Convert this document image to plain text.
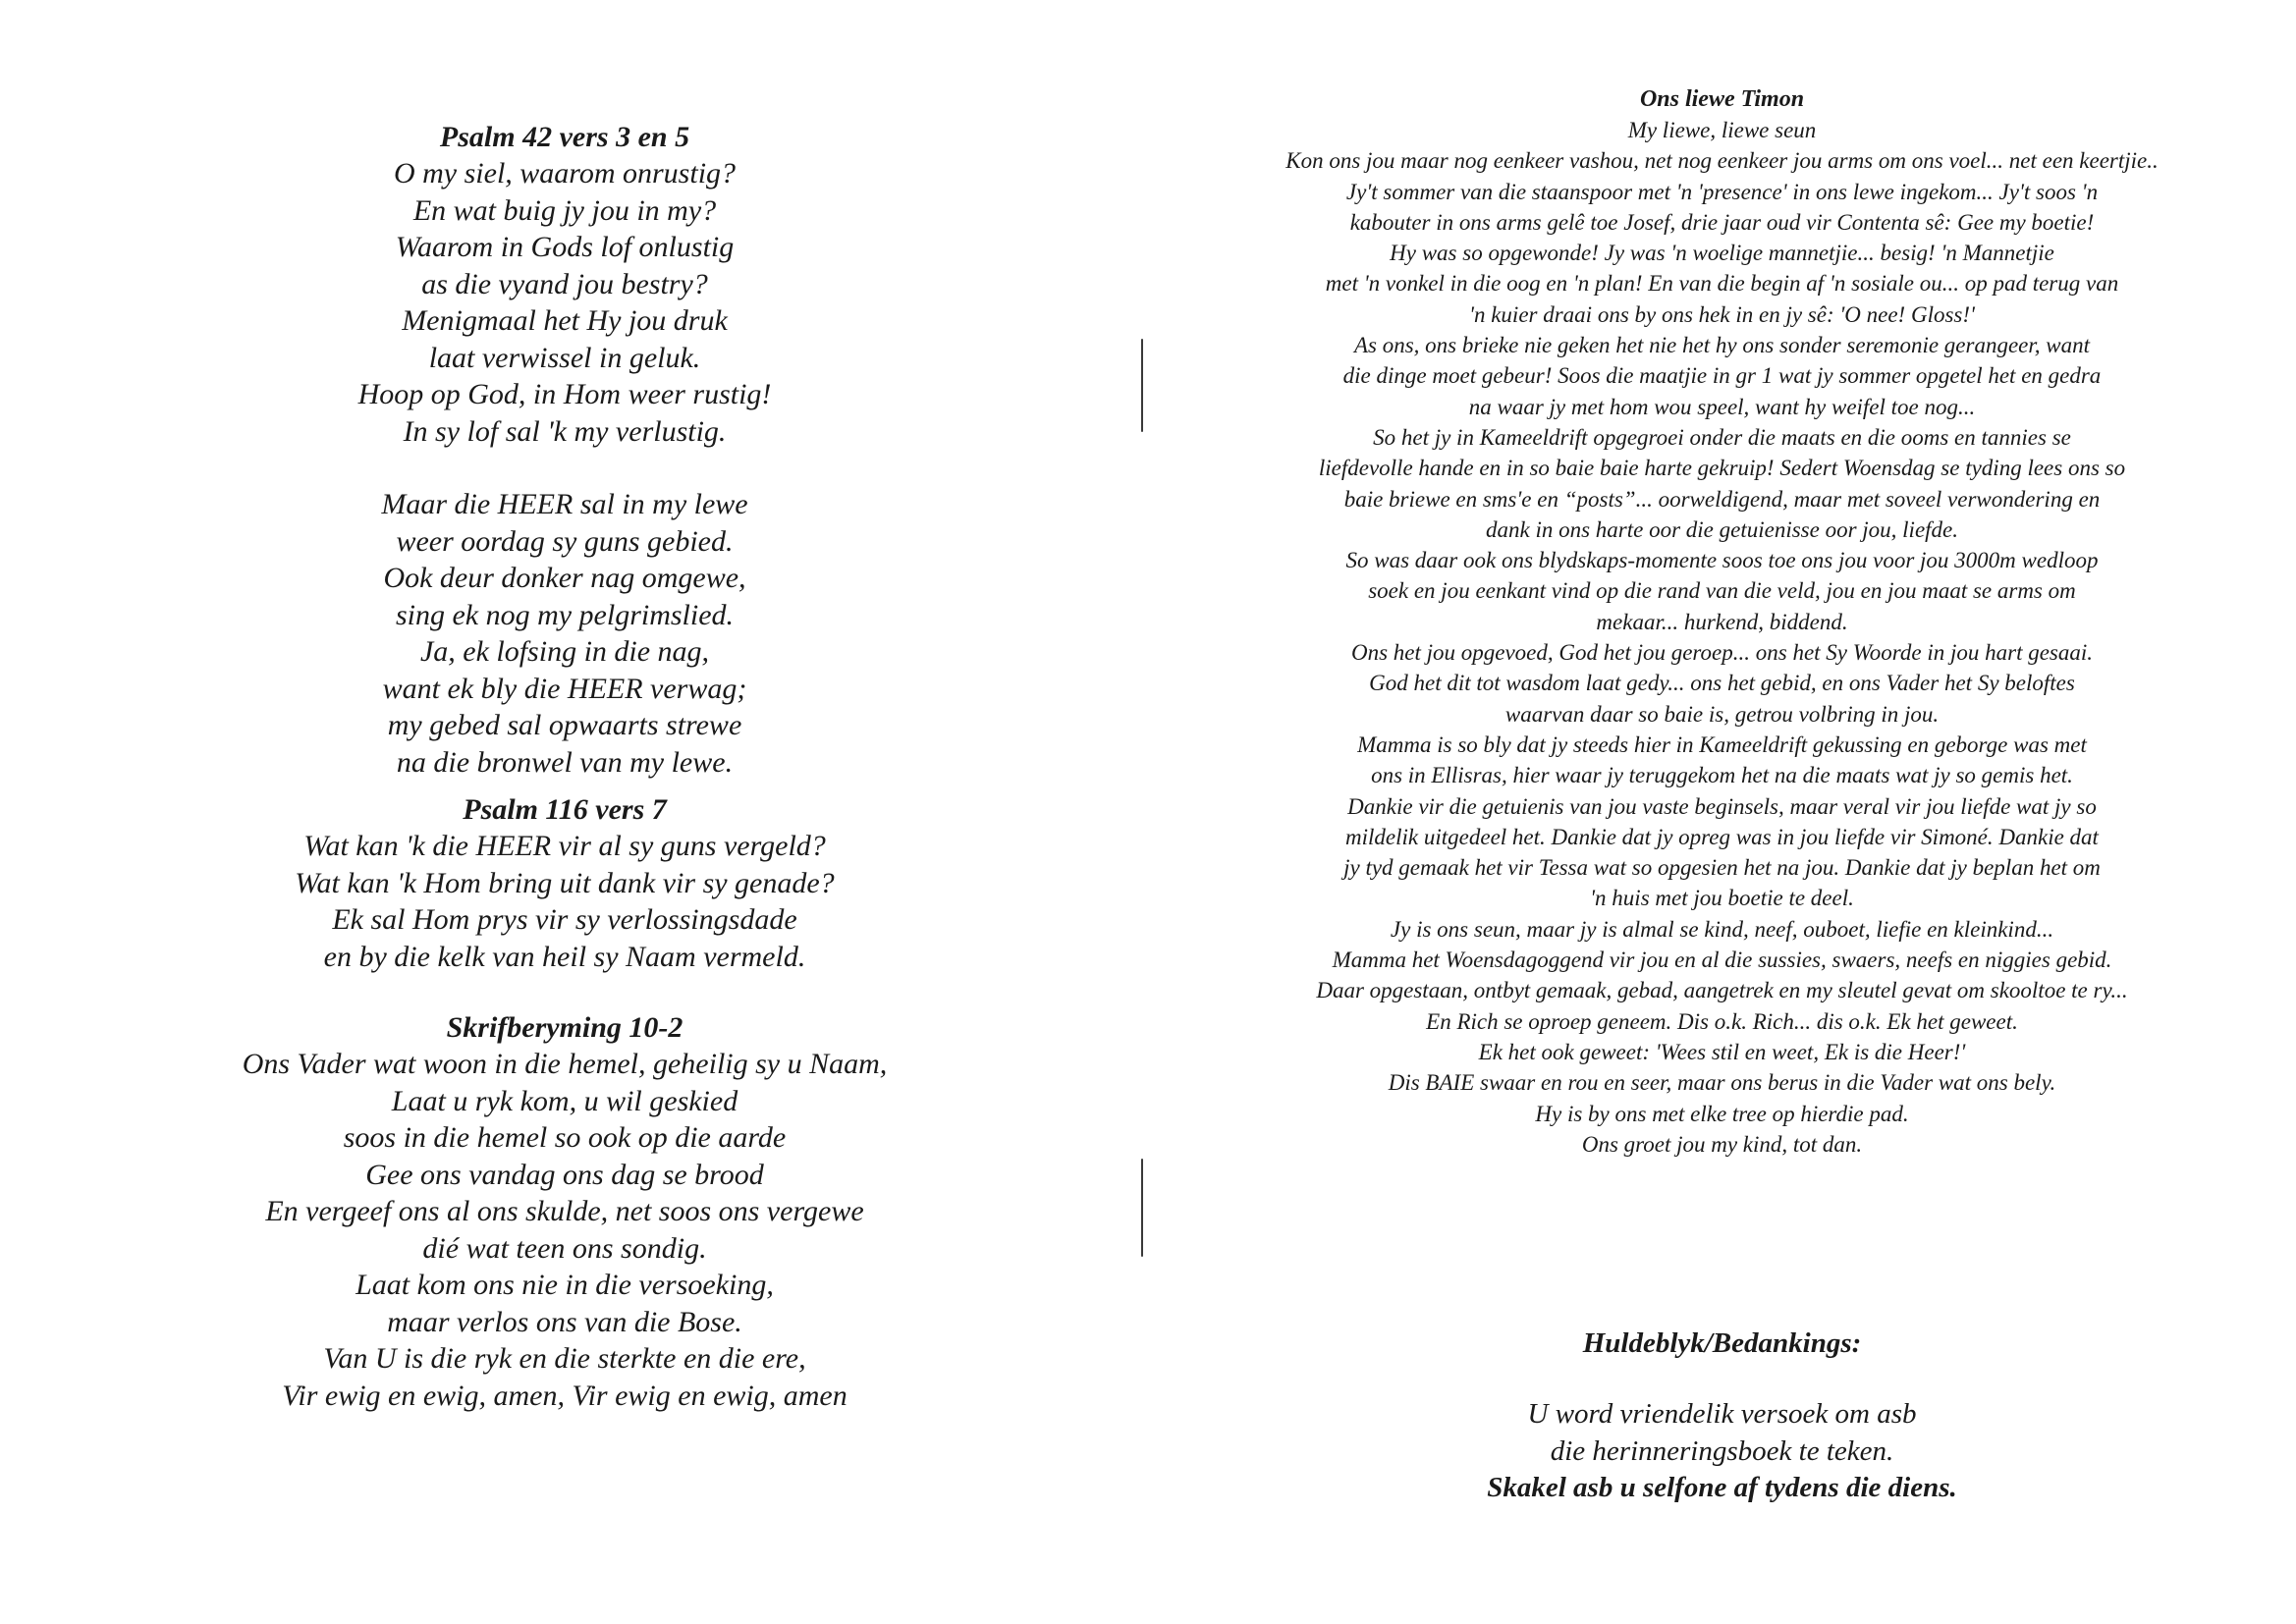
Psalm 42 vers 3 en 5

O my siel, waarom onrustig?

En wat buig jy jou in my?

Waarom in Gods lof onlustig

as die vyand jou bestry?

Menigmaal het Hy jou druk

laat verwissel in geluk.

Hoop op God, in Hom weer rustig!

In sy lof sal 'k my verlustig.

Maar die HEER sal in my lewe

weer oordag sy guns gebied.

Ook deur donker nag omgewe,

sing ek nog my pelgrimslied.

Ja, ek lofsing in die nag,

want ek bly die HEER verwag;

my gebed sal opwaarts strewe

na die bronwel van my lewe.

Psalm 116 vers 7

Wat kan 'k die HEER vir al sy guns vergeld?

Wat kan 'k Hom bring uit dank vir sy genade?

Ek sal Hom prys vir sy verlossingsdade

en by die kelk van heil sy Naam vermeld.

Skrifberyming 10-2

Ons Vader wat woon in die hemel, geheilig sy u Naam,

Laat u ryk kom, u wil geskied

soos in die hemel so ook op die aarde

Gee ons vandag ons dag se brood

En vergeef ons al ons skulde, net soos ons vergewe

dié wat teen ons sondig.

Laat kom ons nie in die versoeking,

maar verlos ons van die Bose.

Van U is die ryk en die sterkte en die ere,

Vir ewig en ewig, amen, Vir ewig en ewig, amen

Ons liewe Timon

My liewe, liewe seun

Kon ons jou maar nog eenkeer vashou, net nog eenkeer jou arms om ons voel... net een keertjie..

Jy't sommer van die staanspoor met 'n 'presence' in ons lewe ingekom... Jy't soos 'n

kabouter in ons arms gelê toe Josef, drie jaar oud vir Contenta sê: Gee my boetie!

Hy was so opgewonde! Jy was 'n woelige mannetjie... besig! 'n Mannetjie

met 'n vonkel in die oog en 'n plan! En van die begin af 'n sosiale ou... op pad terug van

'n kuier draai ons by ons hek in en jy sê: 'O nee! Gloss!'

As ons, ons brieke nie geken het nie het hy ons sonder seremonie gerangeer, want

die dinge moet gebeur! Soos die maatjie in gr 1 wat jy sommer opgetel het en gedra

na waar jy met hom wou speel, want hy weifel toe nog...

So het jy in Kameeldrift opgegroei onder die maats en die ooms en tannies se

liefdevolle hande en in so baie baie harte gekruip! Sedert Woensdag se tyding lees ons so

baie briewe en sms'e en “posts”... oorweldigend, maar met soveel verwondering en

dank in ons harte oor die getuienisse oor jou, liefde.

So was daar ook ons blydskaps-momente soos toe ons jou voor jou 3000m wedloop

soek en jou eenkant vind op die rand van die veld, jou en jou maat se arms om

mekaar... hurkend, biddend.

Ons het jou opgevoed, God het jou geroep... ons het Sy Woorde in jou hart gesaai.

God het dit tot wasdom laat gedy... ons het gebid, en ons Vader het Sy beloftes

waarvan daar so baie is, getrou volbring in jou.

Mamma is so bly dat jy steeds hier in Kameeldrift gekussing en geborge was met

ons in Ellisras, hier waar jy teruggekom het na die maats wat jy so gemis het.

Dankie vir die getuienis van jou vaste beginsels, maar veral vir jou liefde wat jy so

mildelik uitgedeel het. Dankie dat jy opreg was in jou liefde vir Simoné. Dankie dat

jy tyd gemaak het vir Tessa wat so opgesien het na jou. Dankie dat jy beplan het om

'n huis met jou boetie te deel.

Jy is ons seun, maar jy is almal se kind, neef, ouboet, liefie en kleinkind...

Mamma het Woensdagoggend vir jou en al die sussies, swaers, neefs en niggies gebid.

Daar opgestaan, ontbyt gemaak, gebad, aangetrek en my sleutel gevat om skooltoe te ry...

En Rich se oproep geneem. Dis o.k. Rich... dis o.k. Ek het geweet.

Ek het ook geweet: 'Wees stil en weet, Ek is die Heer!'

Dis BAIE swaar en rou en seer, maar ons berus in die Vader wat ons bely.

Hy is by ons met elke tree op hierdie pad.

Ons groet jou my kind, tot dan.

Huldeblyk/Bedankings:

U word vriendelik versoek om asb

die herinneringsboek te teken.

Skakel asb u selfone af tydens die diens.
